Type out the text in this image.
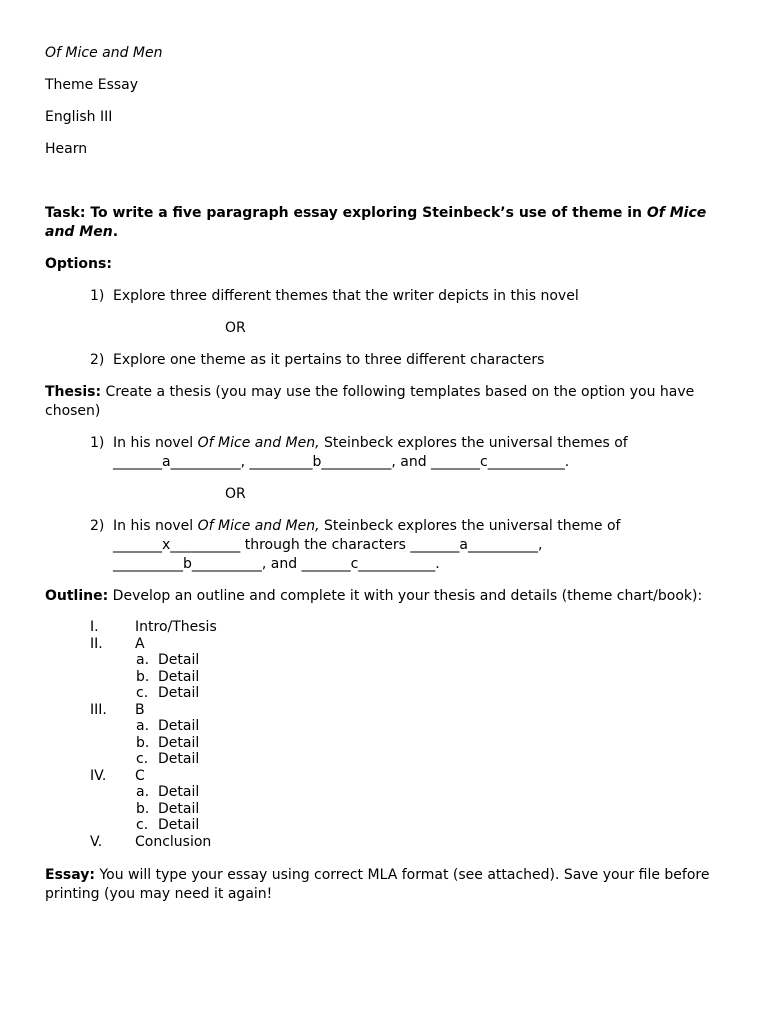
Of Mice and Men
Theme Essay
English III
Hearn
Task: To write a five paragraph essay exploring Steinbeck’s use of theme in Of Mice
and Men.
Options:
1) Explore three different themes that the writer depicts in this novel
OR
2) Explore one theme as it pertains to three different characters
Thesis: Create a thesis (you may use the following templates based on the option you have
chosen)
1) In his novel Of Mice and Men, Steinbeck explores the universal themes of
_______a__________, _________b__________, and _______c___________.
OR
2) In his novel Of Mice and Men, Steinbeck explores the universal theme of
_______x__________ through the characters _______a__________,
__________b__________, and _______c___________.
Outline: Develop an outline and complete it with your thesis and details (theme chart/book):
I.	Intro/Thesis
II. A
a. Detail
b. Detail
c. Detail
III. B
a. Detail
b. Detail
c. Detail
IV. C
a. Detail
b. Detail
c. Detail
V. Conclusion
Essay: You will type your essay using correct MLA format (see attached). Save your file before
printing (you may need it again!
